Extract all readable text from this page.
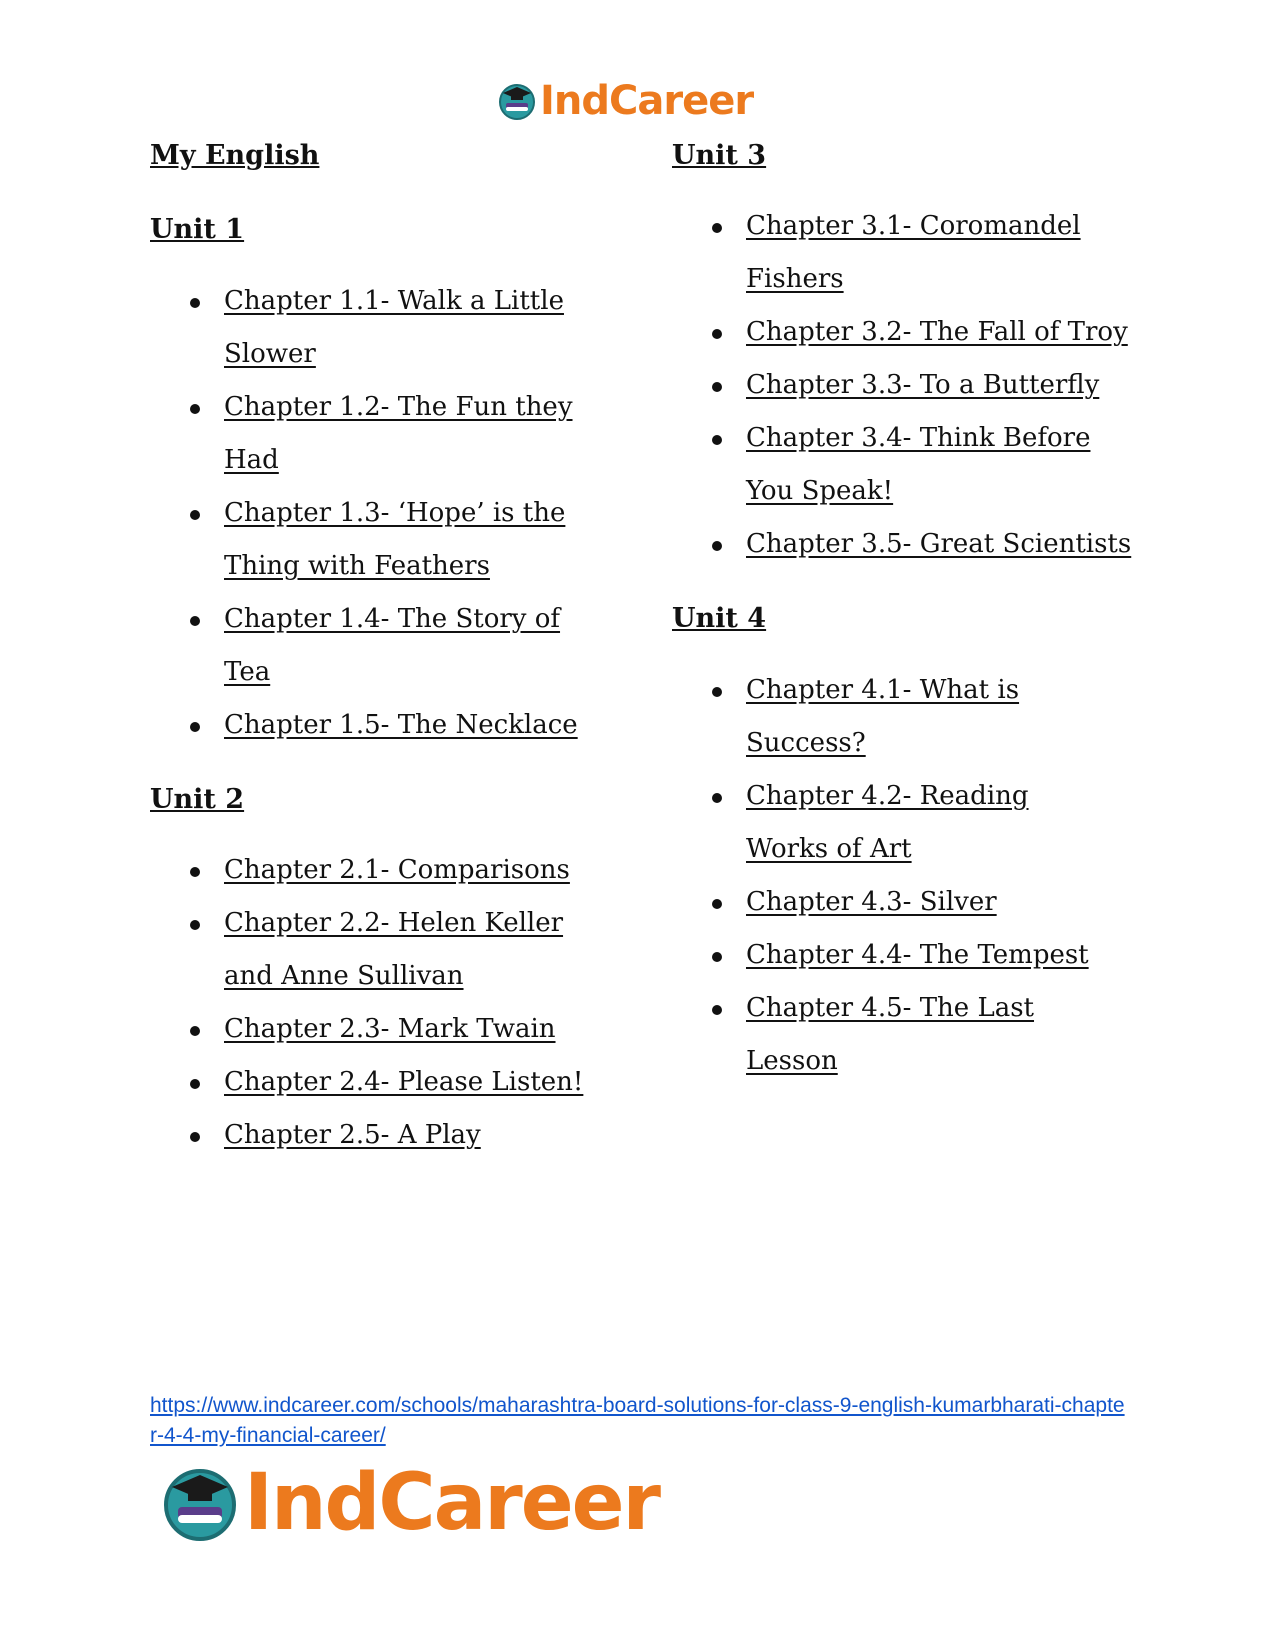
IndCareer
My English
Unit 1
Chapter 1.1- Walk a Little Slower
Chapter 1.2- The Fun they Had
Chapter 1.3- ‘Hope’ is the Thing with Feathers
Chapter 1.4- The Story of Tea
Chapter 1.5- The Necklace
Unit 2
Chapter 2.1- Comparisons
Chapter 2.2- Helen Keller and Anne Sullivan
Chapter 2.3- Mark Twain
Chapter 2.4- Please Listen!
Chapter 2.5- A Play
Unit 3
Chapter 3.1- Coromandel Fishers
Chapter 3.2- The Fall of Troy
Chapter 3.3- To a Butterfly
Chapter 3.4- Think Before You Speak!
Chapter 3.5- Great Scientists
Unit 4
Chapter 4.1- What is Success?
Chapter 4.2- Reading Works of Art
Chapter 4.3- Silver
Chapter 4.4- The Tempest
Chapter 4.5- The Last Lesson
https://www.indcareer.com/schools/maharashtra-board-solutions-for-class-9-english-kumarbharati-chapter-4-4-my-financial-career/
IndCareer
